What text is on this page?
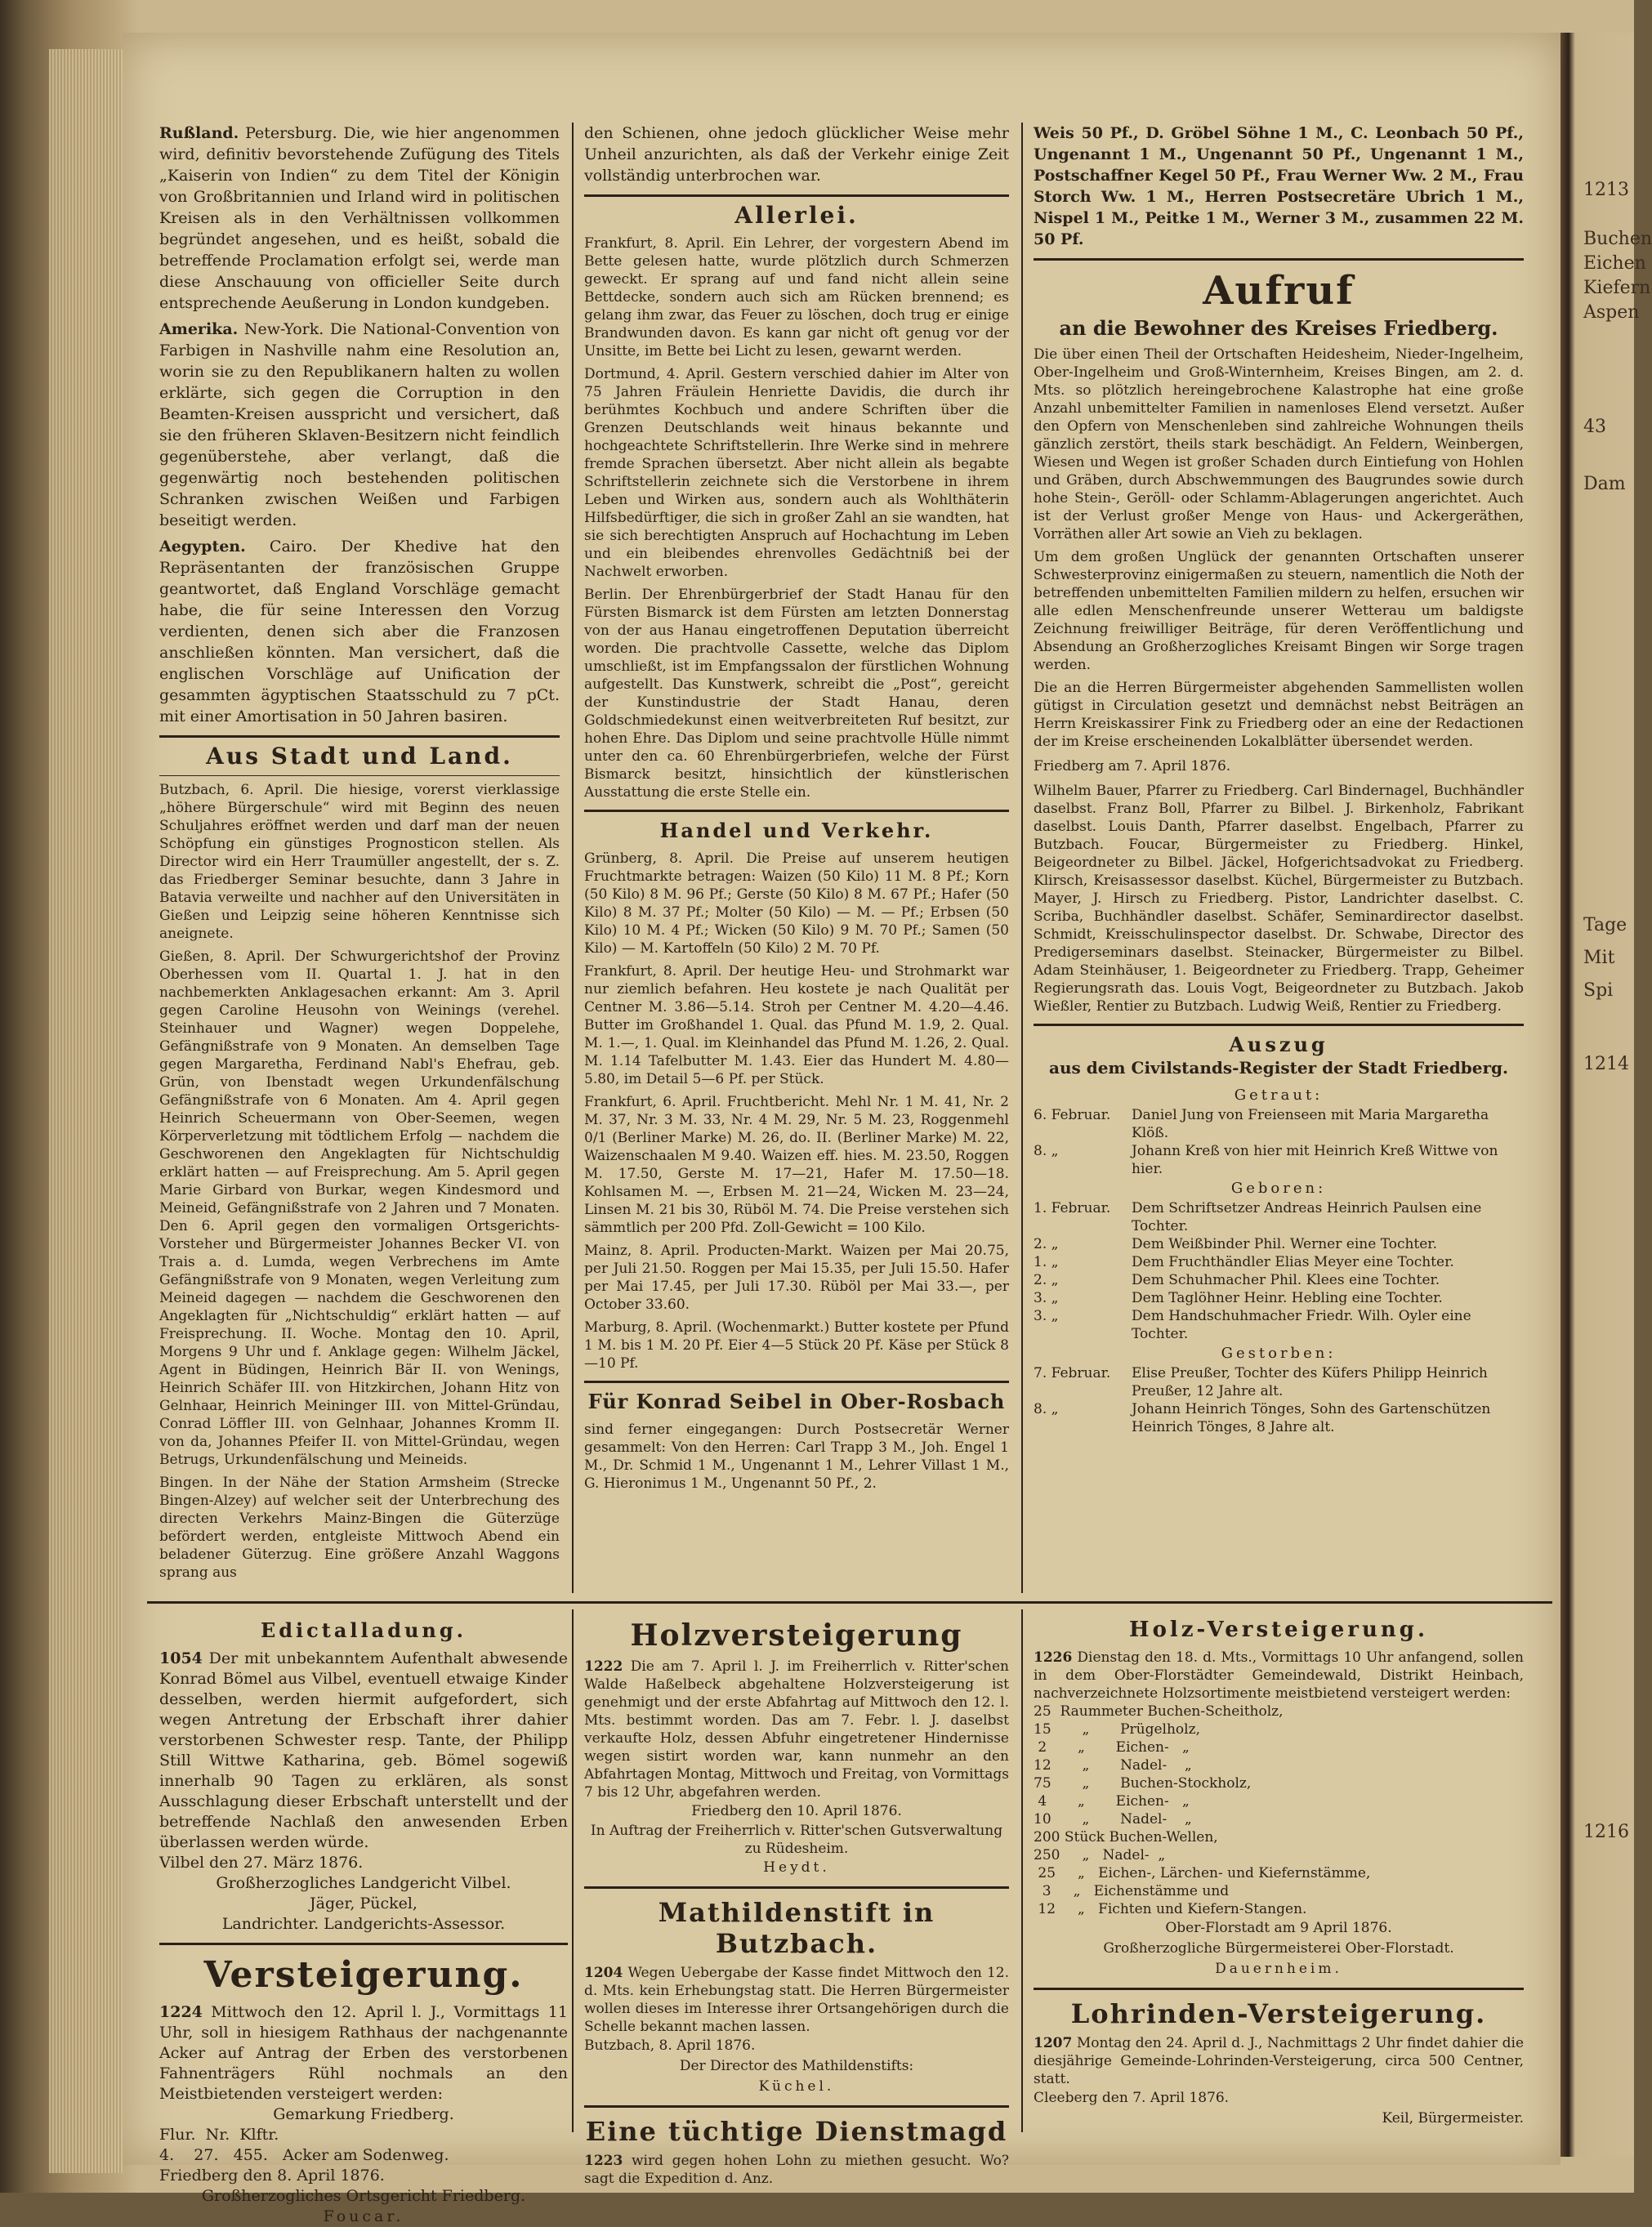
Rußland. Petersburg. Die, wie hier angenommen wird, definitiv bevorstehende Zufügung des Titels „Kaiserin von Indien“ zu dem Titel der Königin von Großbritannien und Irland wird in politischen Kreisen als in den Verhältnissen vollkommen begründet angesehen, und es heißt, sobald die betreffende Proclamation erfolgt sei, werde man diese Anschauung von officieller Seite durch entsprechende Aeußerung in London kundgeben.

Amerika. New-York. Die National-Convention von Farbigen in Nashville nahm eine Resolution an, worin sie zu den Republikanern halten zu wollen erklärte, sich gegen die Corruption in den Beamten-Kreisen ausspricht und versichert, daß sie den früheren Sklaven-Besitzern nicht feindlich gegenüberstehe, aber verlangt, daß die gegenwärtig noch bestehenden politischen Schranken zwischen Weißen und Farbigen beseitigt werden.

Aegypten. Cairo. Der Khedive hat den Repräsentanten der französischen Gruppe geantwortet, daß England Vorschläge gemacht habe, die für seine Interessen den Vorzug verdienten, denen sich aber die Franzosen anschließen könnten. Man versichert, daß die englischen Vorschläge auf Unification der gesammten ägyptischen Staatsschuld zu 7 pCt. mit einer Amortisation in 50 Jahren basiren.

Aus Stadt und Land.

Butzbach, 6. April. Die hiesige, vorerst vierklassige „höhere Bürgerschule“ wird mit Beginn des neuen Schuljahres eröffnet werden und darf man der neuen Schöpfung ein günstiges Prognosticon stellen. Als Director wird ein Herr Traumüller angestellt, der s. Z. das Friedberger Seminar besuchte, dann 3 Jahre in Batavia verweilte und nachher auf den Universitäten in Gießen und Leipzig seine höheren Kenntnisse sich aneignete.

Gießen, 8. April. Der Schwurgerichtshof der Provinz Oberhessen vom II. Quartal 1. J. hat in den nachbemerkten Anklagesachen erkannt: Am 3. April gegen Caroline Heusohn von Weinings (verehel. Steinhauer und Wagner) wegen Doppelehe, Gefängnißstrafe von 9 Monaten. An demselben Tage gegen Margaretha, Ferdinand Nabl's Ehefrau, geb. Grün, von Ibenstadt wegen Urkundenfälschung Gefängnißstrafe von 6 Monaten. Am 4. April gegen Heinrich Scheuermann von Ober-Seemen, wegen Körperverletzung mit tödtlichem Erfolg — nachdem die Geschworenen den Angeklagten für Nichtschuldig erklärt hatten — auf Freisprechung. Am 5. April gegen Marie Girbard von Burkar, wegen Kindesmord und Meineid, Gefängnißstrafe von 2 Jahren und 7 Monaten. Den 6. April gegen den vormaligen Ortsgerichts-Vorsteher und Bürgermeister Johannes Becker VI. von Trais a. d. Lumda, wegen Verbrechens im Amte Gefängnißstrafe von 9 Monaten, wegen Verleitung zum Meineid dagegen — nachdem die Geschworenen den Angeklagten für „Nichtschuldig“ erklärt hatten — auf Freisprechung. II. Woche. Montag den 10. April, Morgens 9 Uhr und f. Anklage gegen: Wilhelm Jäckel, Agent in Büdingen, Heinrich Bär II. von Wenings, Heinrich Schäfer III. von Hitzkirchen, Johann Hitz von Gelnhaar, Heinrich Meininger III. von Mittel-Gründau, Conrad Löffler III. von Gelnhaar, Johannes Kromm II. von da, Johannes Pfeifer II. von Mittel-Gründau, wegen Betrugs, Urkundenfälschung und Meineids.

Bingen. In der Nähe der Station Armsheim (Strecke Bingen-Alzey) auf welcher seit der Unterbrechung des directen Verkehrs Mainz-Bingen die Güterzüge befördert werden, entgleiste Mittwoch Abend ein beladener Güterzug. Eine größere Anzahl Waggons sprang aus

den Schienen, ohne jedoch glücklicher Weise mehr Unheil anzurichten, als daß der Verkehr einige Zeit vollständig unterbrochen war.

Allerlei.

Frankfurt, 8. April. Ein Lehrer, der vorgestern Abend im Bette gelesen hatte, wurde plötzlich durch Schmerzen geweckt. Er sprang auf und fand nicht allein seine Bettdecke, sondern auch sich am Rücken brennend; es gelang ihm zwar, das Feuer zu löschen, doch trug er einige Brandwunden davon. Es kann gar nicht oft genug vor der Unsitte, im Bette bei Licht zu lesen, gewarnt werden.

Dortmund, 4. April. Gestern verschied dahier im Alter von 75 Jahren Fräulein Henriette Davidis, die durch ihr berühmtes Kochbuch und andere Schriften über die Grenzen Deutschlands weit hinaus bekannte und hochgeachtete Schriftstellerin. Ihre Werke sind in mehrere fremde Sprachen übersetzt. Aber nicht allein als begabte Schriftstellerin zeichnete sich die Verstorbene in ihrem Leben und Wirken aus, sondern auch als Wohlthäterin Hilfsbedürftiger, die sich in großer Zahl an sie wandten, hat sie sich berechtigten Anspruch auf Hochachtung im Leben und ein bleibendes ehrenvolles Gedächtniß bei der Nachwelt erworben.

Berlin. Der Ehrenbürgerbrief der Stadt Hanau für den Fürsten Bismarck ist dem Fürsten am letzten Donnerstag von der aus Hanau eingetroffenen Deputation überreicht worden. Die prachtvolle Cassette, welche das Diplom umschließt, ist im Empfangssalon der fürstlichen Wohnung aufgestellt. Das Kunstwerk, schreibt die „Post“, gereicht der Kunstindustrie der Stadt Hanau, deren Goldschmiedekunst einen weitverbreiteten Ruf besitzt, zur hohen Ehre. Das Diplom und seine prachtvolle Hülle nimmt unter den ca. 60 Ehrenbürgerbriefen, welche der Fürst Bismarck besitzt, hinsichtlich der künstlerischen Ausstattung die erste Stelle ein.

Handel und Verkehr.

Grünberg, 8. April. Die Preise auf unserem heutigen Fruchtmarkte betragen: Waizen (50 Kilo) 11 M. 8 Pf.; Korn (50 Kilo) 8 M. 96 Pf.; Gerste (50 Kilo) 8 M. 67 Pf.; Hafer (50 Kilo) 8 M. 37 Pf.; Molter (50 Kilo) — M. — Pf.; Erbsen (50 Kilo) 10 M. 4 Pf.; Wicken (50 Kilo) 9 M. 70 Pf.; Samen (50 Kilo) — M. Kartoffeln (50 Kilo) 2 M. 70 Pf.

Frankfurt, 8. April. Der heutige Heu- und Strohmarkt war nur ziemlich befahren. Heu kostete je nach Qualität per Centner M. 3.86—5.14. Stroh per Centner M. 4.20—4.46. Butter im Großhandel 1. Qual. das Pfund M. 1.9, 2. Qual. M. 1.—, 1. Qual. im Kleinhandel das Pfund M. 1.26, 2. Qual. M. 1.14 Tafelbutter M. 1.43. Eier das Hundert M. 4.80—5.80, im Detail 5—6 Pf. per Stück.

Frankfurt, 6. April. Fruchtbericht. Mehl Nr. 1 M. 41, Nr. 2 M. 37, Nr. 3 M. 33, Nr. 4 M. 29, Nr. 5 M. 23, Roggenmehl 0/1 (Berliner Marke) M. 26, do. II. (Berliner Marke) M. 22, Waizenschaalen M 9.40. Waizen eff. hies. M. 23.50, Roggen M. 17.50, Gerste M. 17—21, Hafer M. 17.50—18. Kohlsamen M. —, Erbsen M. 21—24, Wicken M. 23—24, Linsen M. 21 bis 30, Rüböl M. 74. Die Preise verstehen sich sämmtlich per 200 Pfd. Zoll-Gewicht = 100 Kilo.

Mainz, 8. April. Producten-Markt. Waizen per Mai 20.75, per Juli 21.50. Roggen per Mai 15.35, per Juli 15.50. Hafer per Mai 17.45, per Juli 17.30. Rüböl per Mai 33.—, per October 33.60.

Marburg, 8. April. (Wochenmarkt.) Butter kostete per Pfund 1 M. bis 1 M. 20 Pf. Eier 4—5 Stück 20 Pf. Käse per Stück 8—10 Pf.

Für Konrad Seibel in Ober-Rosbach

sind ferner eingegangen: Durch Postsecretär Werner gesammelt: Von den Herren: Carl Trapp 3 M., Joh. Engel 1 M., Dr. Schmid 1 M., Ungenannt 1 M., Lehrer Villast 1 M., G. Hieronimus 1 M., Ungenannt 50 Pf., 2.

Weis 50 Pf., D. Gröbel Söhne 1 M., C. Leonbach 50 Pf., Ungenannt 1 M., Ungenannt 50 Pf., Ungenannt 1 M., Postschaffner Kegel 50 Pf., Frau Werner Ww. 2 M., Frau Storch Ww. 1 M., Herren Postsecretäre Ubrich 1 M., Nispel 1 M., Peitke 1 M., Werner 3 M., zusammen 22 M. 50 Pf.

Aufruf
an die Bewohner des Kreises Friedberg.

Die über einen Theil der Ortschaften Heidesheim, Nieder-Ingelheim, Ober-Ingelheim und Groß-Winternheim, Kreises Bingen, am 2. d. Mts. so plötzlich hereingebrochene Kalastrophe hat eine große Anzahl unbemittelter Familien in namenloses Elend versetzt. Außer den Opfern von Menschenleben sind zahlreiche Wohnungen theils gänzlich zerstört, theils stark beschädigt. An Feldern, Weinbergen, Wiesen und Wegen ist großer Schaden durch Eintiefung von Hohlen und Gräben, durch Abschwemmungen des Baugrundes sowie durch hohe Stein-, Geröll- oder Schlamm-Ablagerungen angerichtet. Auch ist der Verlust großer Menge von Haus- und Ackergeräthen, Vorräthen aller Art sowie an Vieh zu beklagen.

Um dem großen Unglück der genannten Ortschaften unserer Schwesterprovinz einigermaßen zu steuern, namentlich die Noth der betreffenden unbemittelten Familien mildern zu helfen, ersuchen wir alle edlen Menschenfreunde unserer Wetterau um baldigste Zeichnung freiwilliger Beiträge, für deren Veröffentlichung und Absendung an Großherzogliches Kreisamt Bingen wir Sorge tragen werden.

Die an die Herren Bürgermeister abgehenden Sammellisten wollen gütigst in Circulation gesetzt und demnächst nebst Beiträgen an Herrn Kreiskassirer Fink zu Friedberg oder an eine der Redactionen der im Kreise erscheinenden Lokalblätter übersendet werden.

Friedberg am 7. April 1876.

Wilhelm Bauer, Pfarrer zu Friedberg. Carl Bindernagel, Buchhändler daselbst. Franz Boll, Pfarrer zu Bilbel. J. Birkenholz, Fabrikant daselbst. Louis Danth, Pfarrer daselbst. Engelbach, Pfarrer zu Butzbach. Foucar, Bürgermeister zu Friedberg. Hinkel, Beigeordneter zu Bilbel. Jäckel, Hofgerichtsadvokat zu Friedberg. Klirsch, Kreisassessor daselbst. Küchel, Bürgermeister zu Butzbach. Mayer, J. Hirsch zu Friedberg. Pistor, Landrichter daselbst. C. Scriba, Buchhändler daselbst. Schäfer, Seminardirector daselbst. Schmidt, Kreisschulinspector daselbst. Dr. Schwabe, Director des Predigerseminars daselbst. Steinacker, Bürgermeister zu Bilbel. Adam Steinhäuser, 1. Beigeordneter zu Friedberg. Trapp, Geheimer Regierungsrath das. Louis Vogt, Beigeordneter zu Butzbach. Jakob Wießler, Rentier zu Butzbach. Ludwig Weiß, Rentier zu Friedberg.

Auszug
aus dem Civilstands-Register der Stadt Friedberg.
Getraut:
6. Februar.	Daniel Jung von Freienseen mit Maria Margaretha Klöß.
8. „	Johann Kreß von hier mit Heinrich Kreß Wittwe von hier.
Geboren:
1. Februar.	Dem Schriftsetzer Andreas Heinrich Paulsen eine Tochter.
2. „	Dem Weißbinder Phil. Werner eine Tochter.
1. „	Dem Fruchthändler Elias Meyer eine Tochter.
2. „	Dem Schuhmacher Phil. Klees eine Tochter.
3. „	Dem Taglöhner Heinr. Hebling eine Tochter.
3. „	Dem Handschuhmacher Friedr. Wilh. Oyler eine Tochter.
Gestorben:
7. Februar.	Elise Preußer, Tochter des Küfers Philipp Heinrich Preußer, 12 Jahre alt.
8. „	Johann Heinrich Tönges, Sohn des Gartenschützen Heinrich Tönges, 8 Jahre alt.
Edictalladung.

1054 Der mit unbekanntem Aufenthalt abwesende Konrad Bömel aus Vilbel, eventuell etwaige Kinder desselben, werden hiermit aufgefordert, sich wegen Antretung der Erbschaft ihrer dahier verstorbenen Schwester resp. Tante, der Philipp Still Wittwe Katharina, geb. Bömel sogewiß innerhalb 90 Tagen zu erklären, als sonst Ausschlagung dieser Erbschaft unterstellt und der betreffende Nachlaß den anwesenden Erben überlassen werden würde.

Vilbel den 27. März 1876.
Großherzogliches Landgericht Vilbel.
Jäger, Pückel,
Landrichter. Landgerichts-Assessor.
Versteigerung.

1224 Mittwoch den 12. April l. J., Vormittags 11 Uhr, soll in hiesigem Rathhaus der nachgenannte Acker auf Antrag der Erben des verstorbenen Fahnenträgers Rühl nochmals an den Meistbietenden versteigert werden:

Gemarkung Friedberg.
Flur.  Nr.  Klftr.
4.    27.   455.   Acker am Sodenweg.
Friedberg den 8. April 1876.
Großherzogliches Ortsgericht Friedberg.
Foucar.
Holzversteigerung

1222 Die am 7. April l. J. im Freiherrlich v. Ritter'schen Walde Haßelbeck abgehaltene Holzversteigerung ist genehmigt und der erste Abfahrtag auf Mittwoch den 12. l. Mts. bestimmt worden. Das am 7. Febr. l. J. daselbst verkaufte Holz, dessen Abfuhr eingetretener Hindernisse wegen sistirt worden war, kann nunmehr an den Abfahrtagen Montag, Mittwoch und Freitag, von Vormittags 7 bis 12 Uhr, abgefahren werden.

Friedberg den 10. April 1876.
In Auftrag der Freiherrlich v. Ritter'schen Gutsverwaltung zu Rüdesheim.
Heydt.
Mathildenstift in Butzbach.

1204 Wegen Uebergabe der Kasse findet Mittwoch den 12. d. Mts. kein Erhebungstag statt. Die Herren Bürgermeister wollen dieses im Interesse ihrer Ortsangehörigen durch die Schelle bekannt machen lassen.

Butzbach, 8. April 1876.
Der Director des Mathildenstifts:
Küchel.
Eine tüchtige Dienstmagd

1223 wird gegen hohen Lohn zu miethen gesucht. Wo? sagt die Expedition d. Anz.

Holz-Versteigerung.

1226 Dienstag den 18. d. Mts., Vormittags 10 Uhr anfangend, sollen in dem Ober-Florstädter Gemeindewald, Distrikt Heinbach, nachverzeichnete Holzsortimente meistbietend versteigert werden:

25  Raummeter Buchen-Scheitholz,
15       „       Prügelholz,
2       „       Eichen-   „
12       „       Nadel-    „
75       „       Buchen-Stockholz,
4       „       Eichen-   „
10       „       Nadel-    „
200 Stück Buchen-Wellen,
250     „   Nadel-  „
25     „   Eichen-, Lärchen- und Kiefernstämme,
3     „   Eichenstämme und
12     „   Fichten und Kiefern-Stangen.
Ober-Florstadt am 9 April 1876.
Großherzogliche Bürgermeisterei Ober-Florstadt.
Dauernheim.
Lohrinden-Versteigerung.

1207 Montag den 24. April d. J., Nachmittags 2 Uhr findet dahier die diesjährige Gemeinde-Lohrinden-Versteigerung, circa 500 Centner, statt.

Cleeberg den 7. April 1876.
Keil, Bürgermeister.
1213
Buchen
Eichen
Kiefern
Aspen
43
Dam
Tage
1214
1216
Mit
Spi
